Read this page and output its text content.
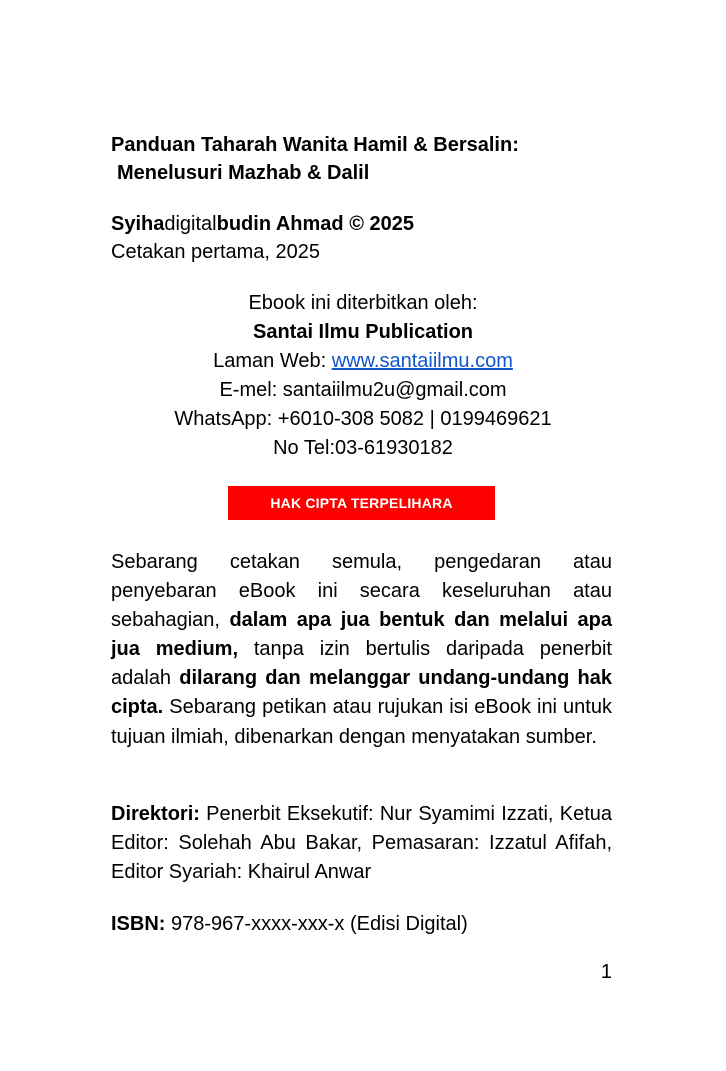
Panduan Taharah Wanita Hamil & Bersalin:
Menelusuri Mazhab & Dalil
Syihadigitalbudin Ahmad © 2025
Cetakan pertama, 2025
Ebook ini diterbitkan oleh:
Santai Ilmu Publication
Laman Web: www.santaiilmu.com
E-mel: santaiilmu2u@gmail.com
WhatsApp: +6010-308 5082 | 0199469621
No Tel:03-61930182
HAK CIPTA TERPELIHARA
Sebarang cetakan semula, pengedaran atau penyebaran eBook ini secara keseluruhan atau sebahagian, dalam apa jua bentuk dan melalui apa jua medium, tanpa izin bertulis daripada penerbit adalah dilarang dan melanggar undang-undang hak cipta. Sebarang petikan atau rujukan isi eBook ini untuk tujuan ilmiah, dibenarkan dengan menyatakan sumber.
Direktori: Penerbit Eksekutif: Nur Syamimi Izzati, Ketua Editor: Solehah Abu Bakar, Pemasaran: Izzatul Afifah, Editor Syariah: Khairul Anwar
ISBN: 978-967-xxxx-xxx-x (Edisi Digital)
1
